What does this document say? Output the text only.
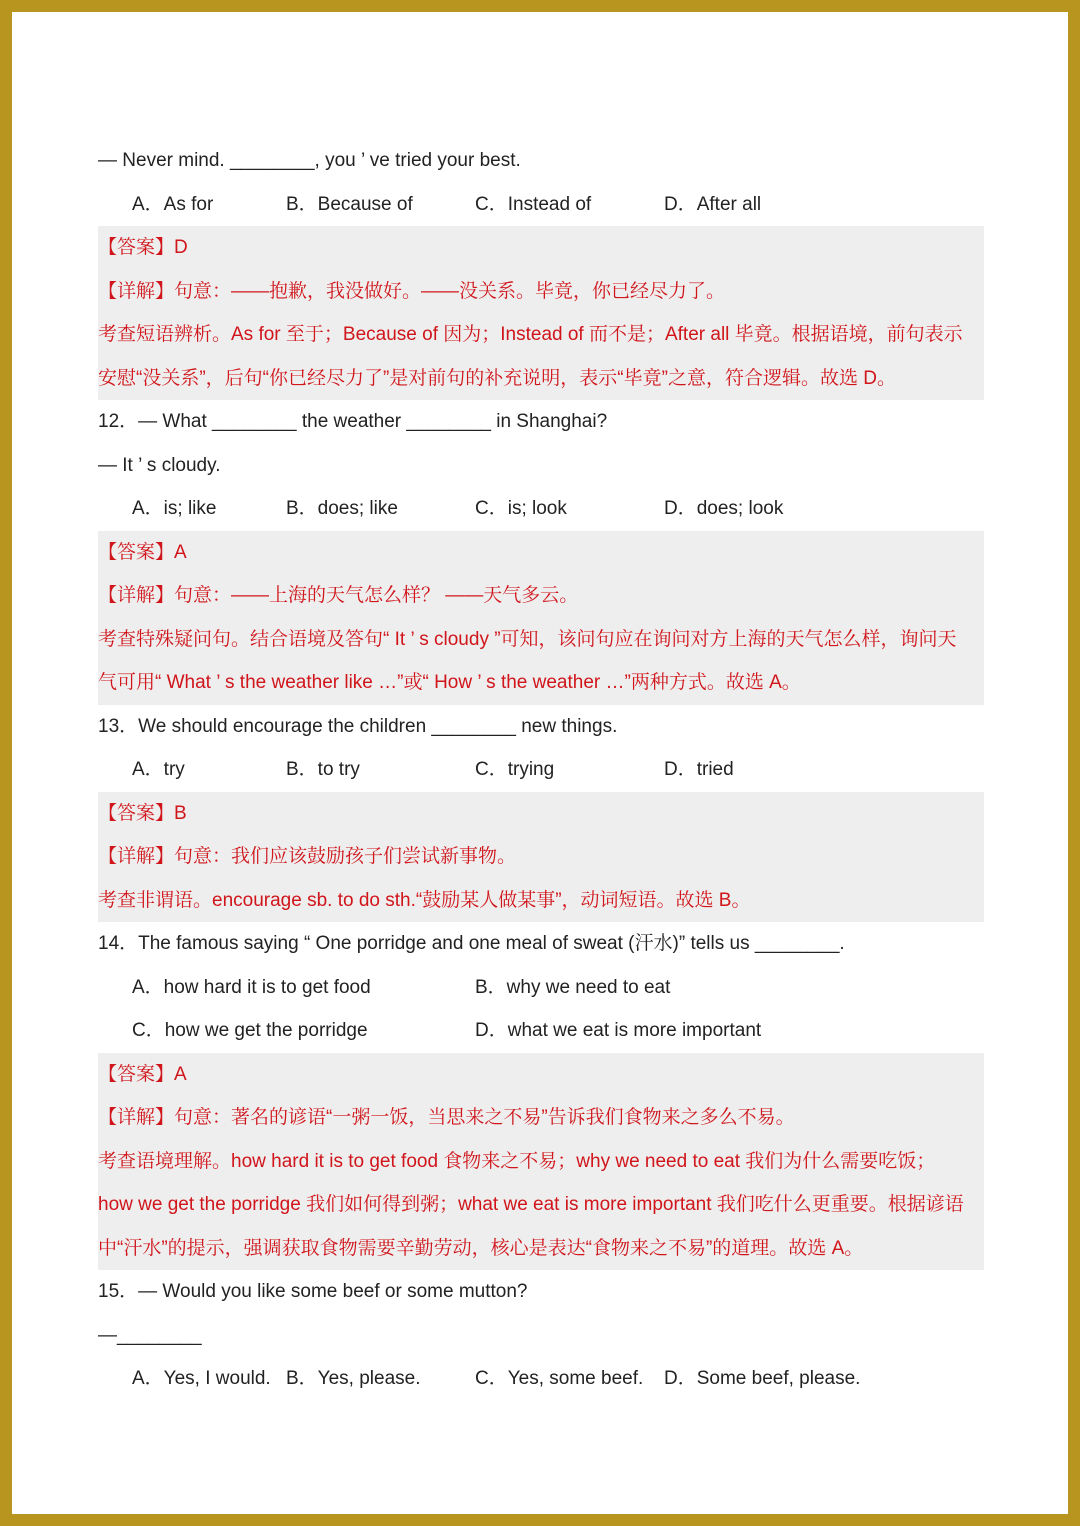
— Never mind. ________, you ’ ve tried your best.
A．As for	B．Because of	C．Instead of	D．After all
【答案】D
【详解】句意：——抱歉，我没做好。——没关系。毕竟，你已经尽力了。
考查短语辨析。As for 至于；Because of 因为；Instead of 而不是；After all 毕竟。根据语境，前句表示
安慰“没关系”，后句“你已经尽力了”是对前句的补充说明，表示“毕竟”之意，符合逻辑。故选 D。
12．— What ________ the weather ________ in Shanghai?
— It ’ s cloudy.
A．is; like	B．does; like	C．is; look	D．does; look
【答案】A
【详解】句意：——上海的天气怎么样？ ——天气多云。
考查特殊疑问句。结合语境及答句“ It ’ s cloudy ”可知，该问句应在询问对方上海的天气怎么样，询问天
气可用“ What ’ s the weather like …”或“ How ’ s the weather …”两种方式。故选 A。
13．We should encourage the children ________ new things.
A．try	B．to try	C．trying	D．tried
【答案】B
【详解】句意：我们应该鼓励孩子们尝试新事物。
考查非谓语。encourage sb. to do sth.“鼓励某人做某事”，动词短语。故选 B。
14．The famous saying “ One porridge and one meal of sweat (汗水)” tells us ________.
A．how hard it is to get food	B．why we need to eat
C．how we get the porridge	D．what we eat is more important
【答案】A
【详解】句意：著名的谚语“一粥一饭，当思来之不易”告诉我们食物来之多么不易。
考查语境理解。how hard it is to get food 食物来之不易；why we need to eat 我们为什么需要吃饭；
how we get the porridge 我们如何得到粥；what we eat is more important 我们吃什么更重要。根据谚语
中“汗水”的提示，强调获取食物需要辛勤劳动，核心是表达“食物来之不易”的道理。故选 A。
15．— Would you like some beef or some mutton?
—________
A．Yes, I would. B．Yes, please.	C．Yes, some beef. D．Some beef, please.
